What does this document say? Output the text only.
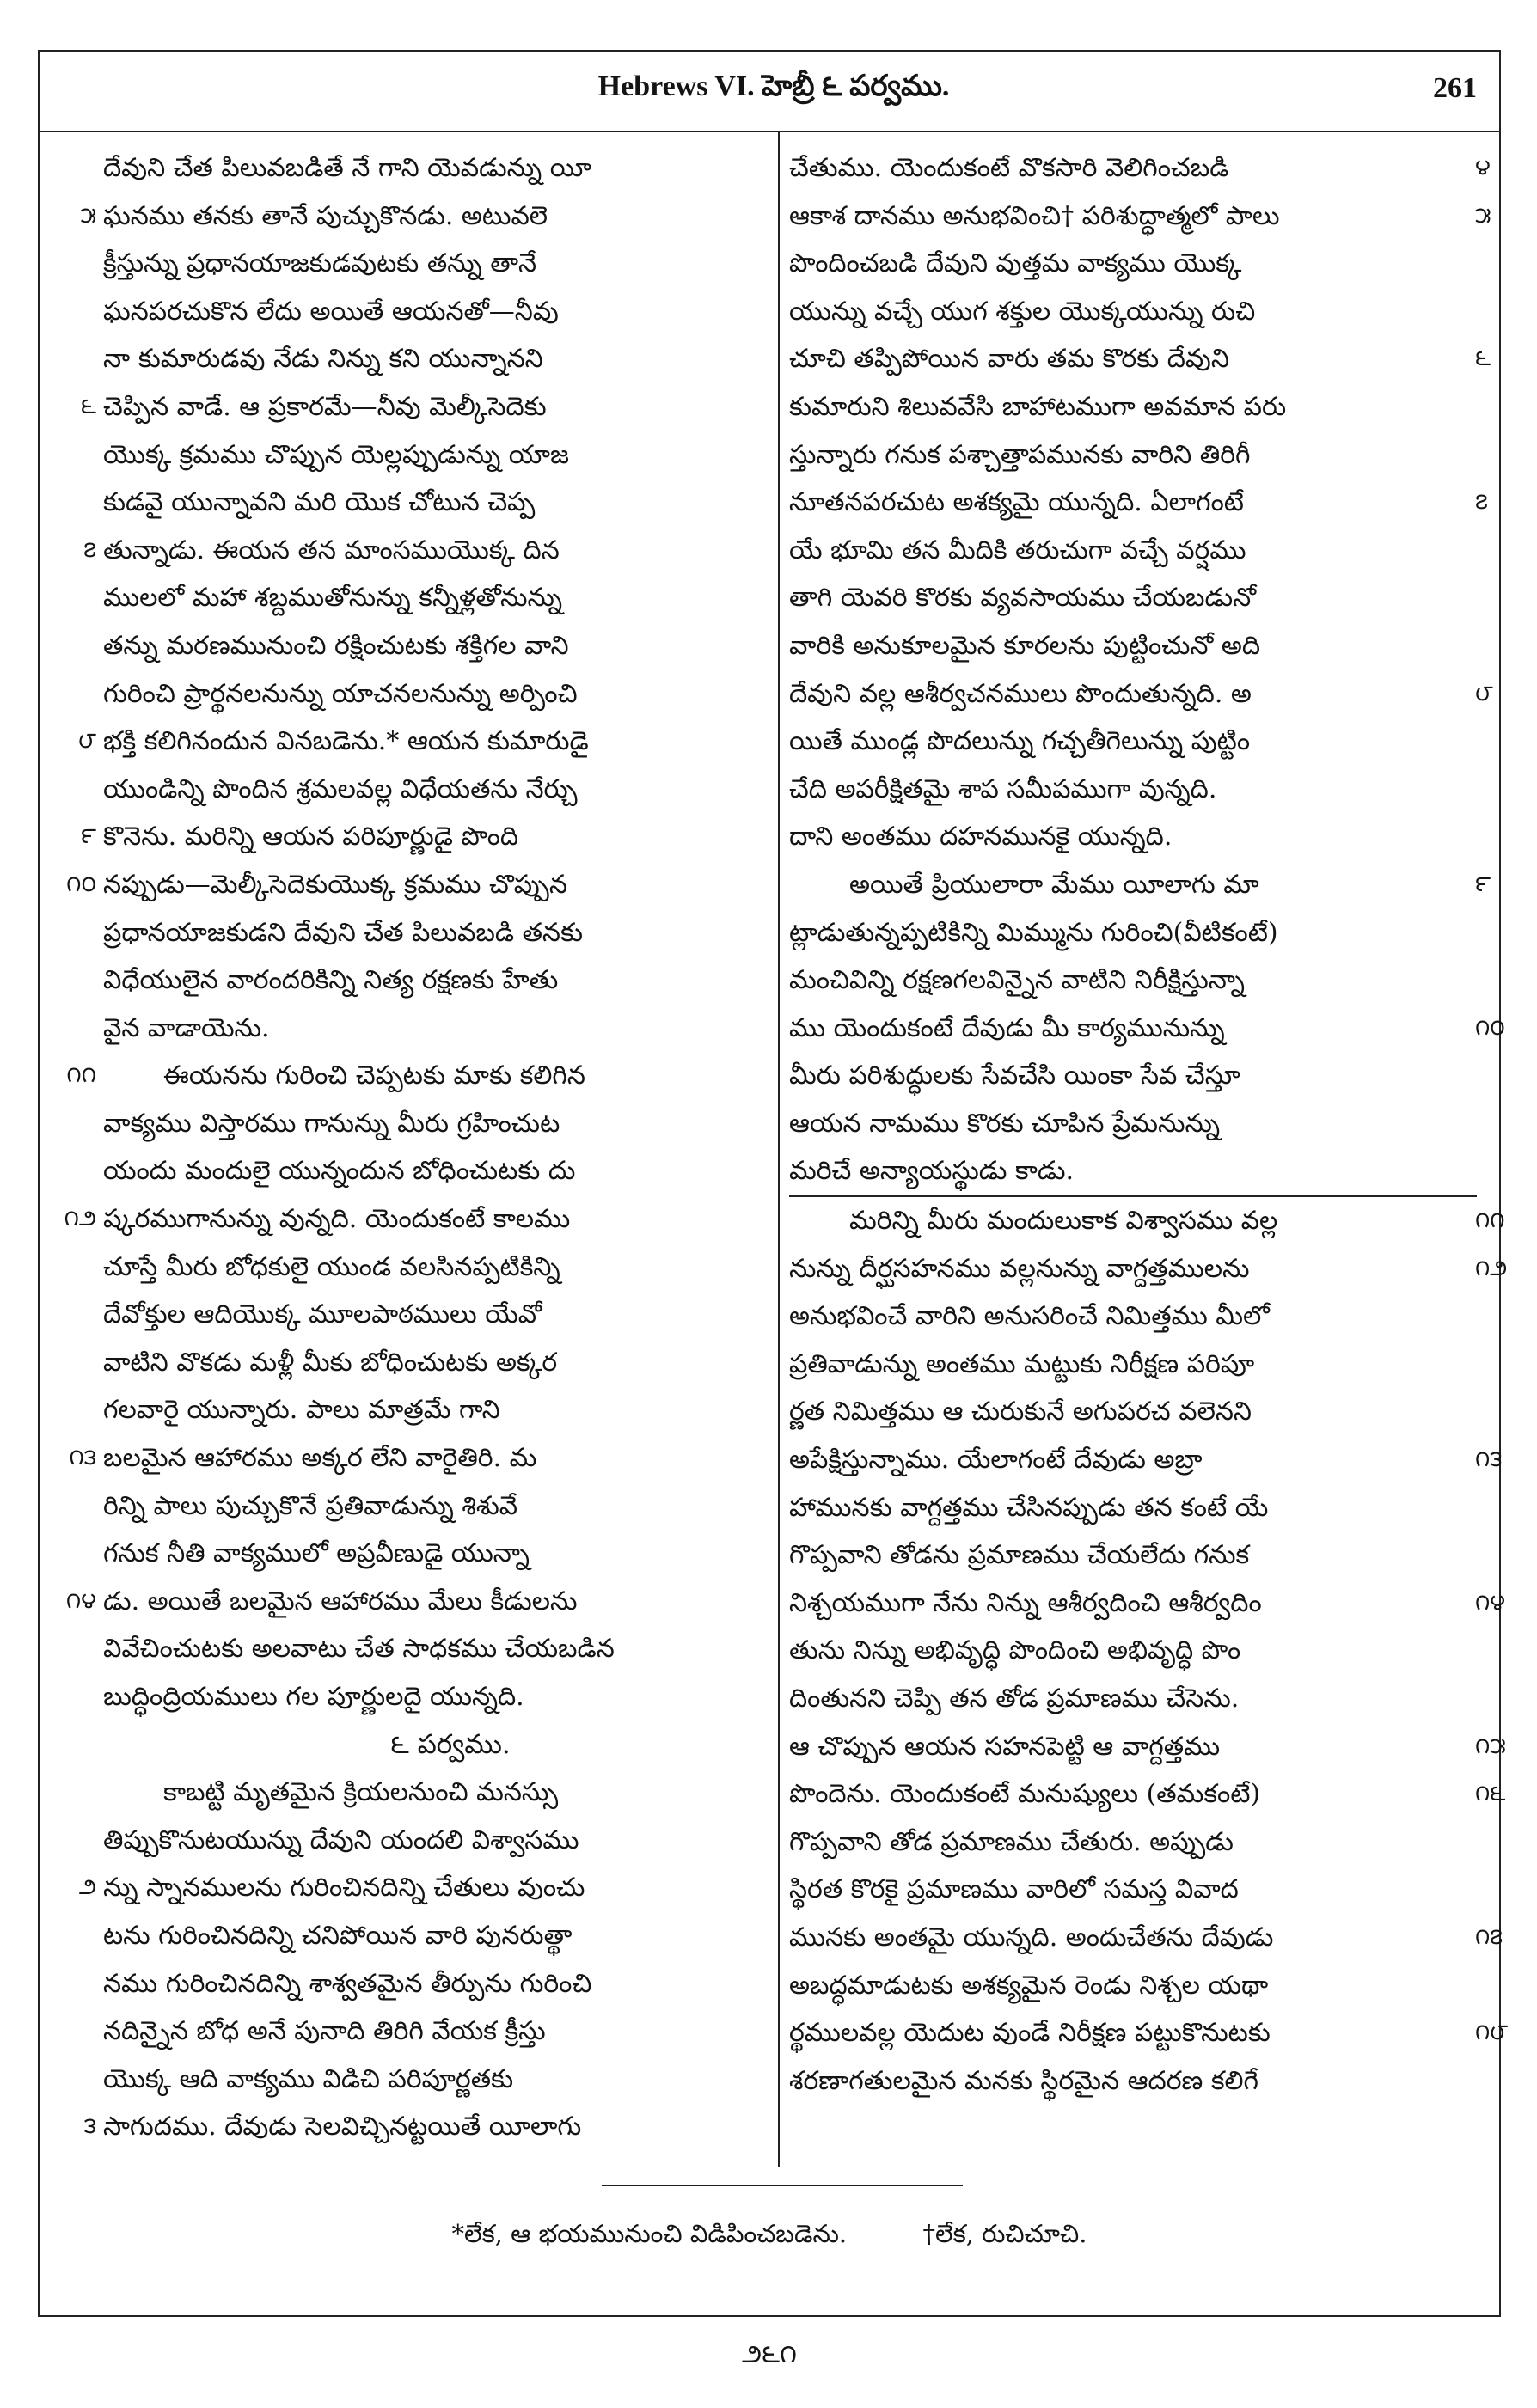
Hebrews VI. హెబ్రీ ౬ పర్వము.	261
దేవుని చేత పిలువబడితే నే గాని యెవడున్ను యీ
ఘనము తనకు తానే పుచ్చుకొనడు. అటువలె
౫
క్రీస్తున్ను ప్రధానయాజకుడవుటకు తన్ను తానే
ఘనపరచుకొన లేదు అయితే ఆయనతో—నీవు
నా కుమారుడవు నేడు నిన్ను కని యున్నానని
చెప్పిన వాడే. ఆ ప్రకారమే—నీవు మెల్కీసెదెకు
౬
యొక్క క్రమము చొప్పున యెల్లప్పుడున్ను యాజ
కుడవై యున్నావని మరి యొక చోటున చెప్ప
తున్నాడు. ఈయన తన మాంసముయొక్క దిన
౭
ములలో మహా శబ్దముతోనున్ను కన్నీళ్లతోనున్ను
తన్ను మరణమునుంచి రక్షించుటకు శక్తిగల వాని
గురించి ప్రార్థనలనున్ను యాచనలనున్ను అర్పించి
భక్తి కలిగినందున వినబడెను.* ఆయన కుమారుడై
౮
యుండిన్ని పొందిన శ్రమలవల్ల విధేయతను నేర్చు
కొనెను. మరిన్ని ఆయన పరిపూర్ణుడై పొంది
౯
నప్పుడు—మెల్కీసెదెకుయొక్క క్రమము చొప్పున
౧౦
ప్రధానయాజకుడని దేవుని చేత పిలువబడి తనకు
విధేయులైన వారందరికిన్ని నిత్య రక్షణకు హేతు
వైన వాడాయెను.
ఈయనను గురించి చెప్పటకు మాకు కలిగిన
౧౧
వాక్యము విస్తారము గానున్ను మీరు గ్రహించుట
యందు మందులై యున్నందున బోధించుటకు దు
ష్కరముగానున్ను వున్నది. యెందుకంటే కాలము
౧౨
చూస్తే మీరు బోధకులై యుండ వలసినప్పటికిన్ని
దేవోక్తుల ఆదియొక్క మూలపాఠములు యేవో
వాటిని వొకడు మళ్లీ మీకు బోధించుటకు అక్కర
గలవారై యున్నారు. పాలు మాత్రమే గాని
బలమైన ఆహారము అక్కర లేని వారైతిరి. మ
౧౩
రిన్ని పాలు పుచ్చుకొనే ప్రతివాడున్ను శిశువే
గనుక నీతి వాక్యములో అప్రవీణుడై యున్నా
డు. అయితే బలమైన ఆహారము మేలు కీడులను
౧౪
వివేచించుటకు అలవాటు చేత సాధకము చేయబడిన
బుద్ధింద్రియములు గల పూర్ణులదై యున్నది.
౬ పర్వము.
కాబట్టి మృతమైన క్రియలనుంచి మనస్సు
తిప్పుకొనుటయున్ను దేవుని యందలి విశ్వాసము
న్ను స్నానములను గురించినదిన్ని చేతులు వుంచు
౨
టను గురించినదిన్ని చనిపోయిన వారి పునరుత్థా
నము గురించినదిన్ని శాశ్వతమైన తీర్పును గురించి
నదిన్నైన బోధ అనే పునాది తిరిగి వేయక క్రీస్తు
యొక్క ఆది వాక్యము విడిచి పరిపూర్ణతకు
సాగుదము. దేవుడు సెలవిచ్చినట్టయితే యీలాగు
౩
చేతుము. యెందుకంటే వొకసారి వెలిగించబడి	౪
ఆకాశ దానము అనుభవించి† పరిశుద్ధాత్మలో పాలు	౫
పొందించబడి దేవుని వుత్తమ వాక్యము యొక్క
యున్ను వచ్చే యుగ శక్తుల యొక్కయున్ను రుచి
చూచి తప్పిపోయిన వారు తమ కొరకు దేవుని	౬
కుమారుని శిలువవేసి బాహాటముగా అవమాన పరు
స్తున్నారు గనుక పశ్చాత్తాపమునకు వారిని తిరిగీ
నూతనపరచుట అశక్యమై యున్నది. ఏలాగంటే	౭
యే భూమి తన మీదికి తరుచుగా వచ్చే వర్షము
తాగి యెవరి కొరకు వ్యవసాయము చేయబడునో
వారికి అనుకూలమైన కూరలను పుట్టించునో అది
దేవుని వల్ల ఆశీర్వచనములు పొందుతున్నది. అ	౮
యితే ముండ్ల పొదలున్ను గచ్చతీగెలున్ను పుట్టిం
చేది అపరీక్షితమై శాప సమీపముగా వున్నది.
దాని అంతము దహనమునకై యున్నది.
అయితే ప్రియులారా మేము యీలాగు మా	౯
ట్లాడుతున్నప్పటికిన్ని మిమ్మును గురించి(వీటికంటే)
మంచివిన్ని రక్షణగలవిన్నైన వాటిని నిరీక్షిస్తున్నా
ము యెందుకంటే దేవుడు మీ కార్యమునున్ను	౧౦
మీరు పరిశుద్ధులకు సేవచేసి యింకా సేవ చేస్తూ
ఆయన నామము కొరకు చూపిన ప్రేమనున్ను
మరిచే అన్యాయస్థుడు కాడు.
మరిన్ని మీరు మందులుకాక విశ్వాసము వల్ల	౧౧
నున్ను దీర్ఘసహనము వల్లనున్ను వాగ్దత్తములను	౧౨
అనుభవించే వారిని అనుసరించే నిమిత్తము మీలో
ప్రతివాడున్ను అంతము మట్టుకు నిరీక్షణ పరిపూ
ర్ణత నిమిత్తము ఆ చురుకునే అగుపరచ వలెనని
అపేక్షిస్తున్నాము. యేలాగంటే దేవుడు అబ్రా	౧౩
హామునకు వాగ్దత్తము చేసినప్పుడు తన కంటే యే
గొప్పవాని తోడను ప్రమాణము చేయలేదు గనుక
నిశ్చయముగా నేను నిన్ను ఆశీర్వదించి ఆశీర్వదిం	౧౪
తును నిన్ను అభివృద్ధి పొందించి అభివృద్ధి పొం
దింతునని చెప్పి తన తోడ ప్రమాణము చేసెను.
ఆ చొప్పున ఆయన సహనపెట్టి ఆ వాగ్దత్తము	౧౫
పొందెను. యెందుకంటే మనుష్యులు (తమకంటే)	౧౬
గొప్పవాని తోడ ప్రమాణము చేతురు. అప్పుడు
స్థిరత కొరకై ప్రమాణము వారిలో సమస్త వివాద
మునకు అంతమై యున్నది. అందుచేతను దేవుడు	౧౭
అబద్ధమాడుటకు అశక్యమైన రెండు నిశ్చల యథా
ర్థములవల్ల యెదుట వుండే నిరీక్షణ పట్టుకొనుటకు	౧౮
శరణాగతులమైన మనకు స్థిరమైన ఆదరణ కలిగే
*లేక, ఆ భయమునుంచి విడిపించబడెను.	†లేక, రుచిచూచి.
౨౬౧
